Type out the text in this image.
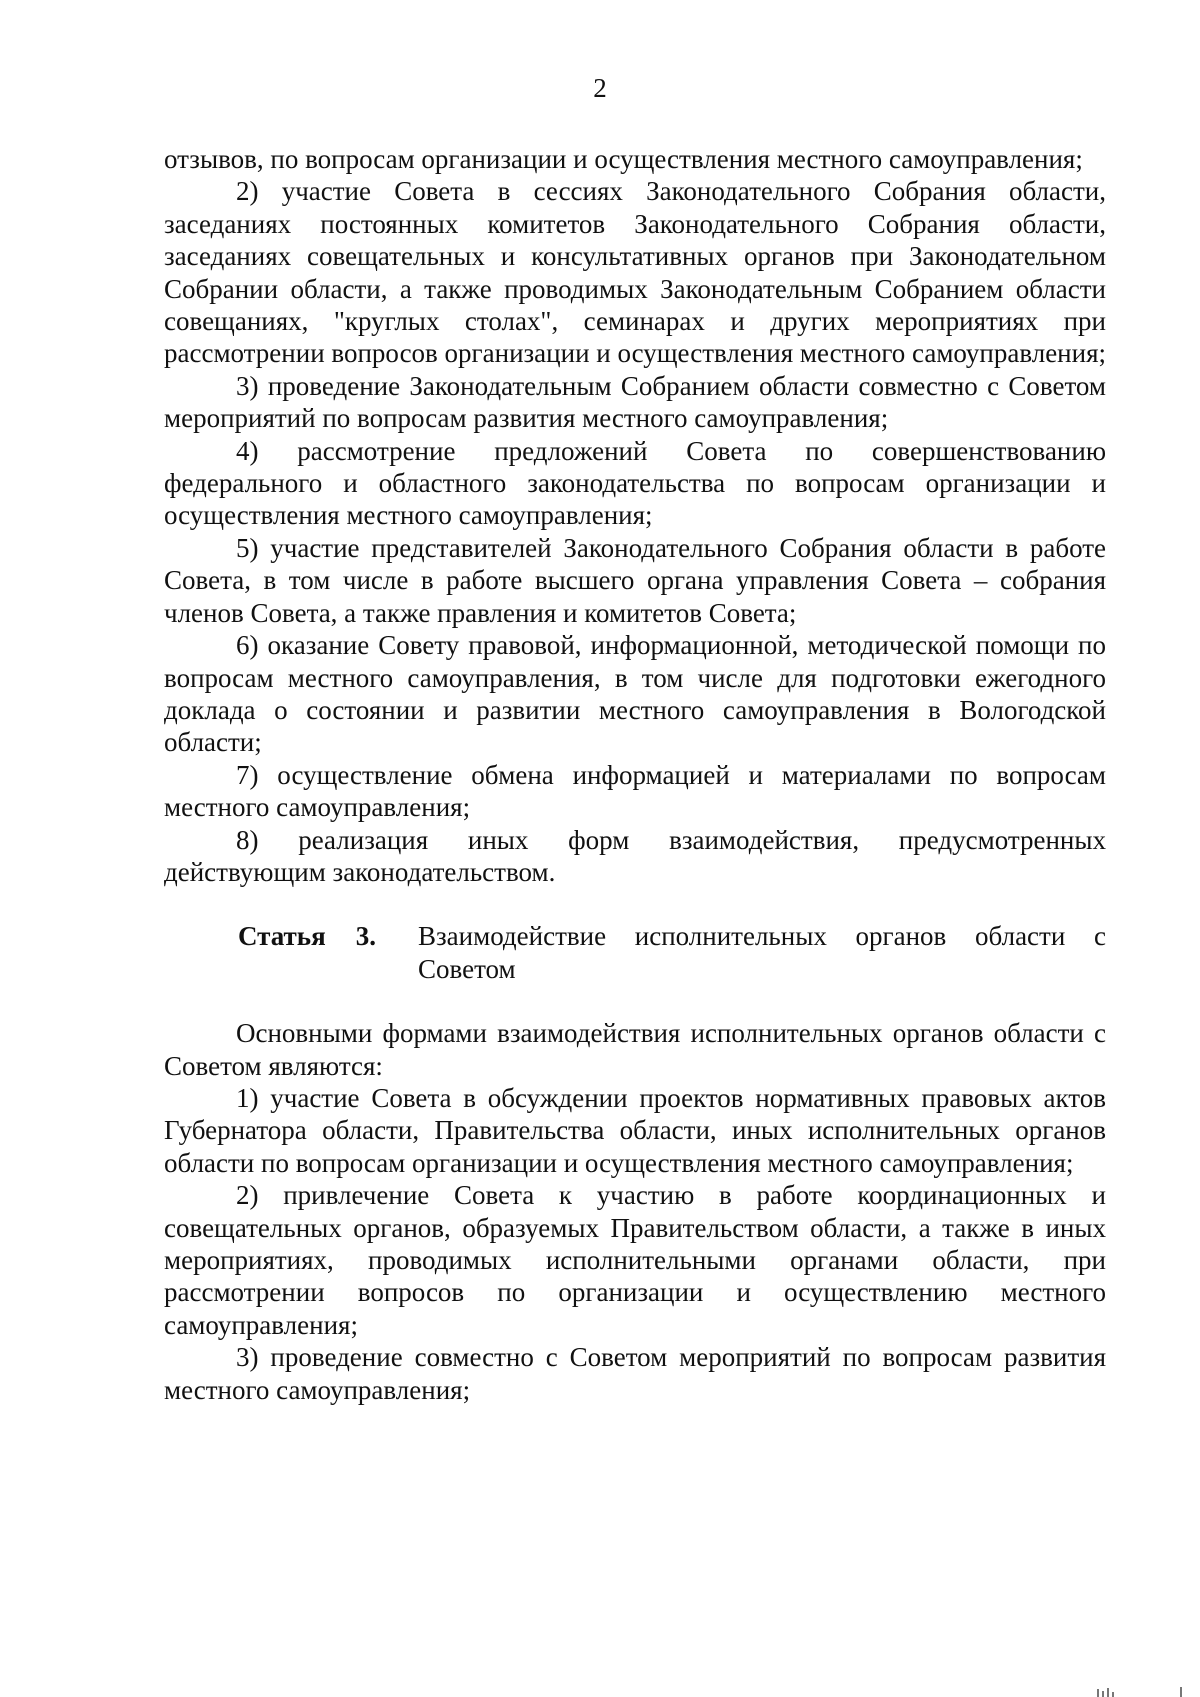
2

отзывов, по вопросам организации и осуществления местного самоуправления;

2) участие Совета в сессиях Законодательного Собрания области, заседаниях постоянных комитетов Законодательного Собрания области, заседаниях совещательных и консультативных органов при Законодательном Собрании области, а также проводимых Законодательным Собранием области совещаниях, "круглых столах", семинарах и других мероприятиях при рассмотрении вопросов организации и осуществления местного самоуправления;

3) проведение Законодательным Собранием области совместно с Советом мероприятий по вопросам развития местного самоуправления;

4) рассмотрение предложений Совета по совершенствованию федерального и областного законодательства по вопросам организации и осуществления местного самоуправления;

5) участие представителей Законодательного Собрания области в работе Совета, в том числе в работе высшего органа управления Совета – собрания членов Совета, а также правления и комитетов Совета;

6) оказание Совету правовой, информационной, методической помощи по вопросам местного самоуправления, в том числе для подготовки ежегодного доклада о состоянии и развитии местного самоуправления в Вологодской области;

7) осуществление обмена информацией и материалами по вопросам местного самоуправления;

8) реализация иных форм взаимодействия, предусмотренных действующим законодательством.

Статья 3.	Взаимодействие исполнительных органов области с Советом

Основными формами взаимодействия исполнительных органов области с Советом являются:

1) участие Совета в обсуждении проектов нормативных правовых актов Губернатора области, Правительства области, иных исполнительных органов области по вопросам организации и осуществления местного самоуправления;

2) привлечение Совета к участию в работе координационных и совещательных органов, образуемых Правительством области, а также в иных мероприятиях, проводимых исполнительными органами области, при рассмотрении вопросов по организации и осуществлению местного самоуправления;

3) проведение совместно с Советом мероприятий по вопросам развития местного самоуправления;
